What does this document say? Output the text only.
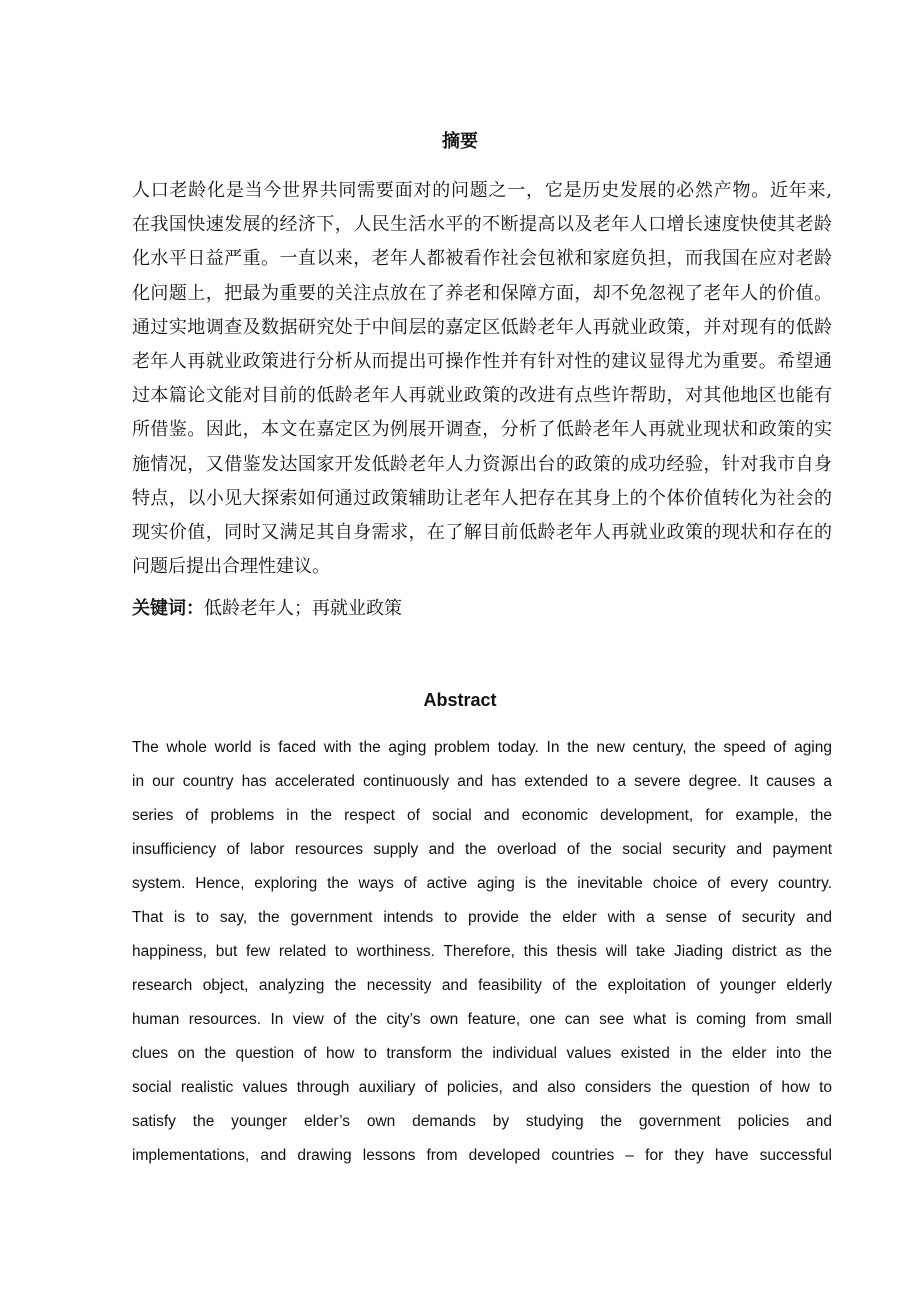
摘要
人口老龄化是当今世界共同需要面对的问题之一，它是历史发展的必然产物。近年来,
在我国快速发展的经济下，人民生活水平的不断提高以及老年人口增长速度快使其老龄
化水平日益严重。一直以来，老年人都被看作社会包袱和家庭负担，而我国在应对老龄
化问题上，把最为重要的关注点放在了养老和保障方面，却不免忽视了老年人的价值。
通过实地调查及数据研究处于中间层的嘉定区低龄老年人再就业政策，并对现有的低龄
老年人再就业政策进行分析从而提出可操作性并有针对性的建议显得尤为重要。希望通
过本篇论文能对目前的低龄老年人再就业政策的改进有点些许帮助，对其他地区也能有
所借鉴。因此，本文在嘉定区为例展开调查，分析了低龄老年人再就业现状和政策的实
施情况，又借鉴发达国家开发低龄老年人力资源出台的政策的成功经验，针对我市自身
特点，以小见大探索如何通过政策辅助让老年人把存在其身上的个体价值转化为社会的
现实价值，同时又满足其自身需求，在了解目前低龄老年人再就业政策的现状和存在的
问题后提出合理性建议。

关键词：低龄老年人；再就业政策

Abstract
The whole world is faced with the aging problem today. In the new century, the speed of aging
in our country has accelerated continuously and has extended to a severe degree. It causes a
series of problems in the respect of social and economic development, for example, the
insufficiency of labor resources supply and the overload of the social security and payment
system. Hence, exploring the ways of active aging is the inevitable choice of every country.
That is to say, the government intends to provide the elder with a sense of security and
happiness, but few related to worthiness. Therefore, this thesis will take Jiading district as the
research object, analyzing the necessity and feasibility of the exploitation of younger elderly
human resources. In view of the city’s own feature, one can see what is coming from small
clues on the question of how to transform the individual values existed in the elder into the
social realistic values through auxiliary of policies, and also considers the question of how to
satisfy the younger elder’s own demands by studying the government policies and
implementations, and drawing lessons from developed countries – for they have successful
